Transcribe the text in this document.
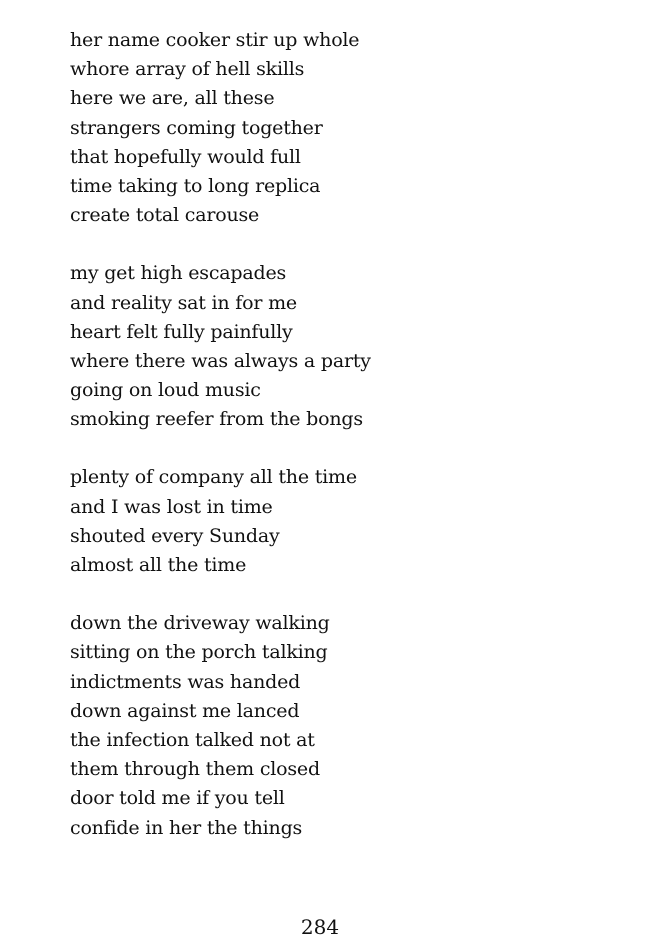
her name cooker stir up whole
whore array of hell skills
here we are, all these
strangers coming together
that hopefully would full
time taking to long replica
create total carouse
my get high escapades
and reality sat in for me
heart felt fully painfully
where there was always a party
going on loud music
smoking reefer from the bongs
plenty of company all the time
and I was lost in time
shouted every Sunday
almost all the time
down the driveway walking
sitting on the porch talking
indictments was handed
down against me lanced
the infection talked not at
them through them closed
door told me if you tell
confide in her the things
284
